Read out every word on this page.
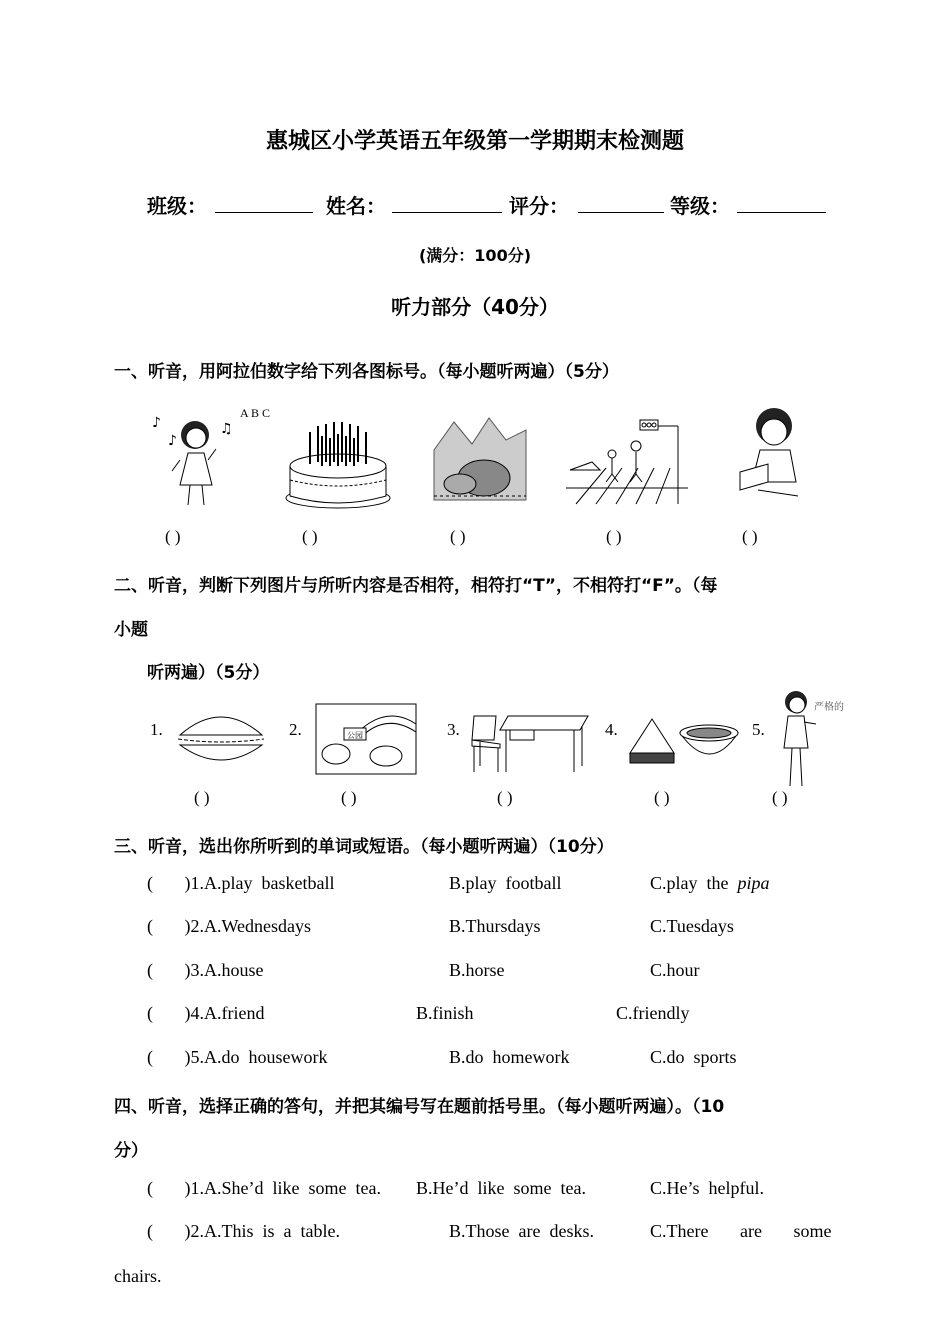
惠城区小学英语五年级第一学期期末检测题
班级：	姓名：	评分：	等级：
(满分：100分)
听力部分（40分）
一、听音，用阿拉伯数字给下列各图标号。（每小题听两遍）（5分）
A B C
♪
♪
♫
( )	( )	( )	( )	( )
二、听音，判断下列图片与所听内容是否相符，相符打“T”，不相符打“F”。（每
小题
听两遍）（5分）
1.	2.	公园	3.	4.	5.
严格的
( )	( )	( )	( )	( )
三、听音，选出你所听到的单词或短语。（每小题听两遍）（10分）
(       )1.A.play  basketball	B.play  football	C.play  the  pipa
(       )2.A.Wednesdays	B.Thursdays	C.Tuesdays
(       )3.A.house	B.horse	C.hour
(       )4.A.friend	B.finish	C.friendly
(       )5.A.do  housework	B.do  homework	C.do  sports
四、听音，选择正确的答句，并把其编号写在题前括号里。（每小题听两遍）。（10
分）
(       )1.A.She’d  like  some  tea. B.He’d  like  some  tea.	C.He’s  helpful.
(       )2.A.This  is  a  table.	B.Those  are  desks.	C.There       are       some
chairs.
